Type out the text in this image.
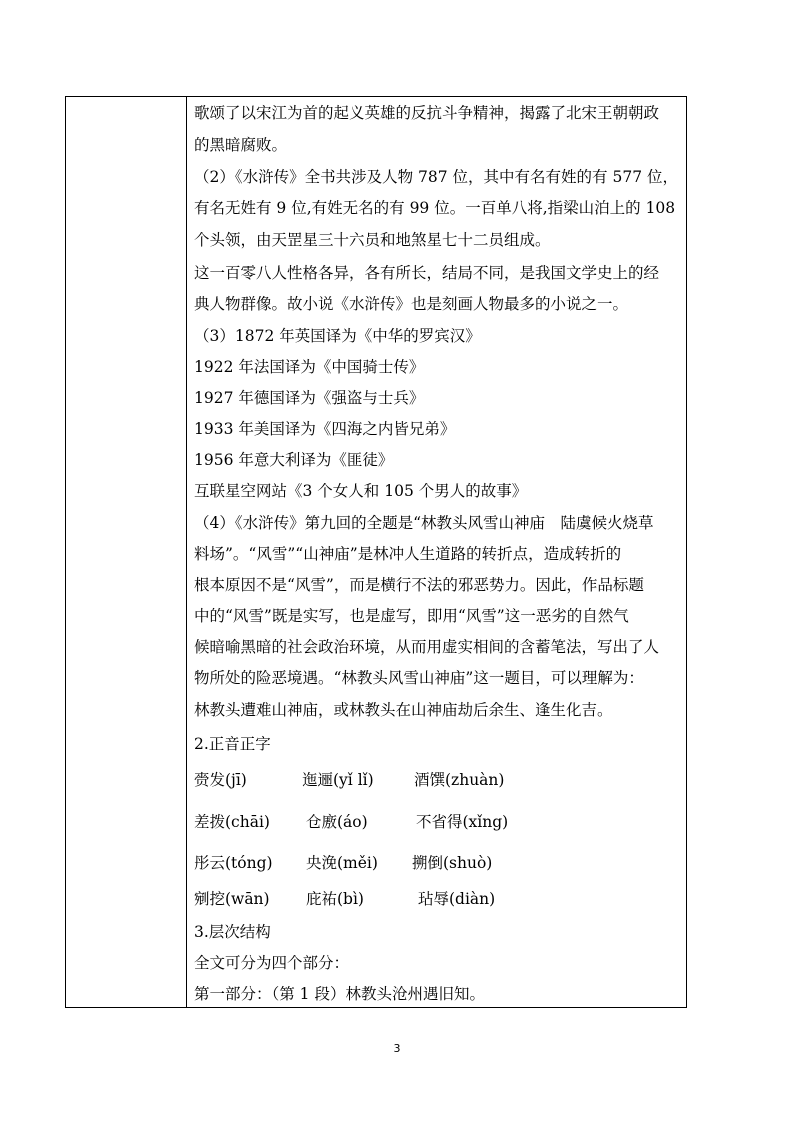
歌颂了以宋江为首的起义英雄的反抗斗争精神，揭露了北宋王朝朝政
的黑暗腐败。
（2）《水浒传》全书共涉及人物 787 位，其中有名有姓的有 577 位，
有名无姓有 9 位,有姓无名的有 99 位。一百单八将,指梁山泊上的 108
个头领，由天罡星三十六员和地煞星七十二员组成。
这一百零八人性格各异，各有所长，结局不同，是我国文学史上的经
典人物群像。故小说《水浒传》也是刻画人物最多的小说之一。
（3）1872 年英国译为《中华的罗宾汉》
1922 年法国译为《中国骑士传》
1927 年德国译为《强盗与士兵》
1933 年美国译为《四海之内皆兄弟》
1956 年意大利译为《匪徒》
互联星空网站《3 个女人和 105 个男人的故事》
（4）《水浒传》第九回的全题是“林教头风雪山神庙　陆虞候火烧草
料场”。“风雪”“山神庙”是林冲人生道路的转折点，造成转折的
根本原因不是“风雪”，而是横行不法的邪恶势力。因此，作品标题
中的“风雪”既是实写，也是虚写，即用“风雪”这一恶劣的自然气
候暗喻黑暗的社会政治环境，从而用虚实相间的含蓄笔法，写出了人
物所处的险恶境遇。“林教头风雪山神庙”这一题目，可以理解为：
林教头遭难山神庙，或林教头在山神庙劫后余生、逢生化吉。
2.正音正字
赍发(jī)	迤逦(yǐ lǐ)	酒馔(zhuàn)
差拨(chāi) 仓廒(áo)	不省得(xǐng)
彤云(tóng) 央浼(měi) 搠倒(shuò)
剜挖(wān) 庇祐(bì)	玷辱(diàn)
3.层次结构
全文可分为四个部分：
第一部分：（第 1 段）林教头沧州遇旧知。
3
